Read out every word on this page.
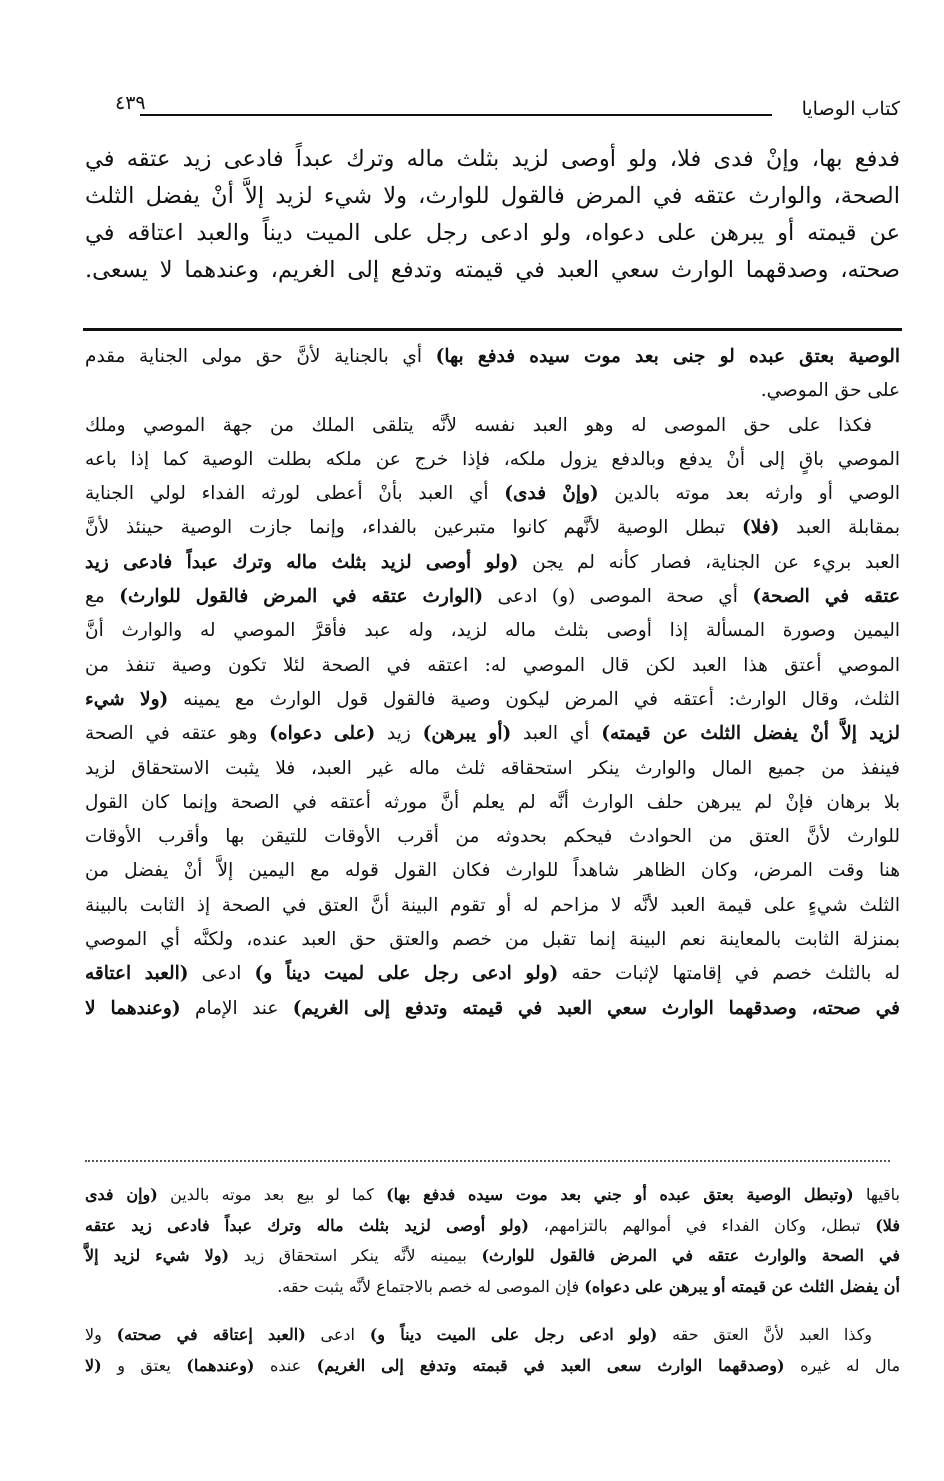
كتاب الوصايا
٤٣٩
فدفع بها، وإنْ فدى فلا، ولو أوصى لزيد بثلث ماله وترك عبداً فادعى زيد عتقه في
الصحة، والوارث عتقه في المرض فالقول للوارث، ولا شيء لزيد إلاَّ أنْ يفضل الثلث
عن قيمته أو يبرهن على دعواه، ولو ادعى رجل على الميت ديناً والعبد اعتاقه في
صحته، وصدقهما الوارث سعي العبد في قيمته وتدفع إلى الغريم، وعندهما لا يسعى.
الوصية بعتق عبده لو جنى بعد موت سيده فدفع بها) أي بالجناية لأنَّ حق مولى الجناية مقدم
على حق الموصي.
فكذا على حق الموصى له وهو العبد نفسه لأنَّه يتلقى الملك من جهة الموصي وملك
الموصي باقٍ إلى أنْ يدفع وبالدفع يزول ملكه، فإذا خرج عن ملكه بطلت الوصية كما إذا باعه
الوصي أو وارثه بعد موته بالدين (وإنْ فدى) أي العبد بأنْ أعطى لورثه الفداء لولي الجناية
بمقابلة العبد (فلا) تبطل الوصية لأنَّهم كانوا متبرعين بالفداء، وإنما جازت الوصية حينئذ لأنَّ
العبد بريء عن الجناية، فصار كأنه لم يجن (ولو أوصى لزيد بثلث ماله وترك عبداً فادعى زيد
عتقه في الصحة) أي صحة الموصى (و) ادعى (الوارث عتقه في المرض فالقول للوارث) مع
اليمين وصورة المسألة إذا أوصى بثلث ماله لزيد، وله عبد فأقرَّ الموصي له والوارث أنَّ
الموصي أعتق هذا العبد لكن قال الموصي له: اعتقه في الصحة لئلا تكون وصية تنفذ من
الثلث، وقال الوارث: أعتقه في المرض ليكون وصية فالقول قول الوارث مع يمينه (ولا شيء
لزيد إلاَّ أنْ يفضل الثلث عن قيمته) أي العبد (أو يبرهن) زيد (على دعواه) وهو عتقه في الصحة
فينفذ من جميع المال والوارث ينكر استحقاقه ثلث ماله غير العبد، فلا يثبت الاستحقاق لزيد
بلا برهان فإنْ لم يبرهن حلف الوارث أنَّه لم يعلم أنَّ مورثه أعتقه في الصحة وإنما كان القول
للوارث لأنَّ العتق من الحوادث فيحكم بحدوثه من أقرب الأوقات للتيقن بها وأقرب الأوقات
هنا وقت المرض، وكان الظاهر شاهداً للوارث فكان القول قوله مع اليمين إلاَّ أنْ يفضل من
الثلث شيءٍ على قيمة العبد لأنَّه لا مزاحم له أو تقوم البينة أنَّ العتق في الصحة إذ الثابت بالبينة
بمنزلة الثابت بالمعاينة نعم البينة إنما تقبل من خصم والعتق حق العبد عنده، ولكنَّه أي الموصي
له بالثلث خصم في إقامتها لإثبات حقه (ولو ادعى رجل على لميت ديناً و) ادعى (العبد اعتاقه
في صحته، وصدقهما الوارث سعي العبد في قيمته وتدفع إلى الغريم) عند الإمام (وعندهما لا
باقيها (وتبطل الوصية بعتق عبده أو جني بعد موت سيده فدفع بها) كما لو بيع بعد موته بالدين (وإن فدى
فلا) تبطل، وكان الفداء في أموالهم بالتزامهم، (ولو أوصى لزيد بثلث ماله وترك عبداً فادعى زيد عتقه
في الصحة والوارث عتقه في المرض فالقول للوارث) بيمينه لأنَّه ينكر استحقاق زيد (ولا شيء لزيد إلاَّ
أن يفضل الثلث عن قيمته أو يبرهن على دعواه) فإن الموصى له خصم بالاجتماع لأنَّه يثبت حقه.
وكذا العبد لأنَّ العتق حقه (ولو ادعى رجل على الميت ديناً و) ادعى (العبد إعتاقه في صحته) ولا
مال له غيره (وصدقهما الوارث سعى العبد في قبمته وتدفع إلى الغريم) عنده (وعندهما) يعتق و (لا
